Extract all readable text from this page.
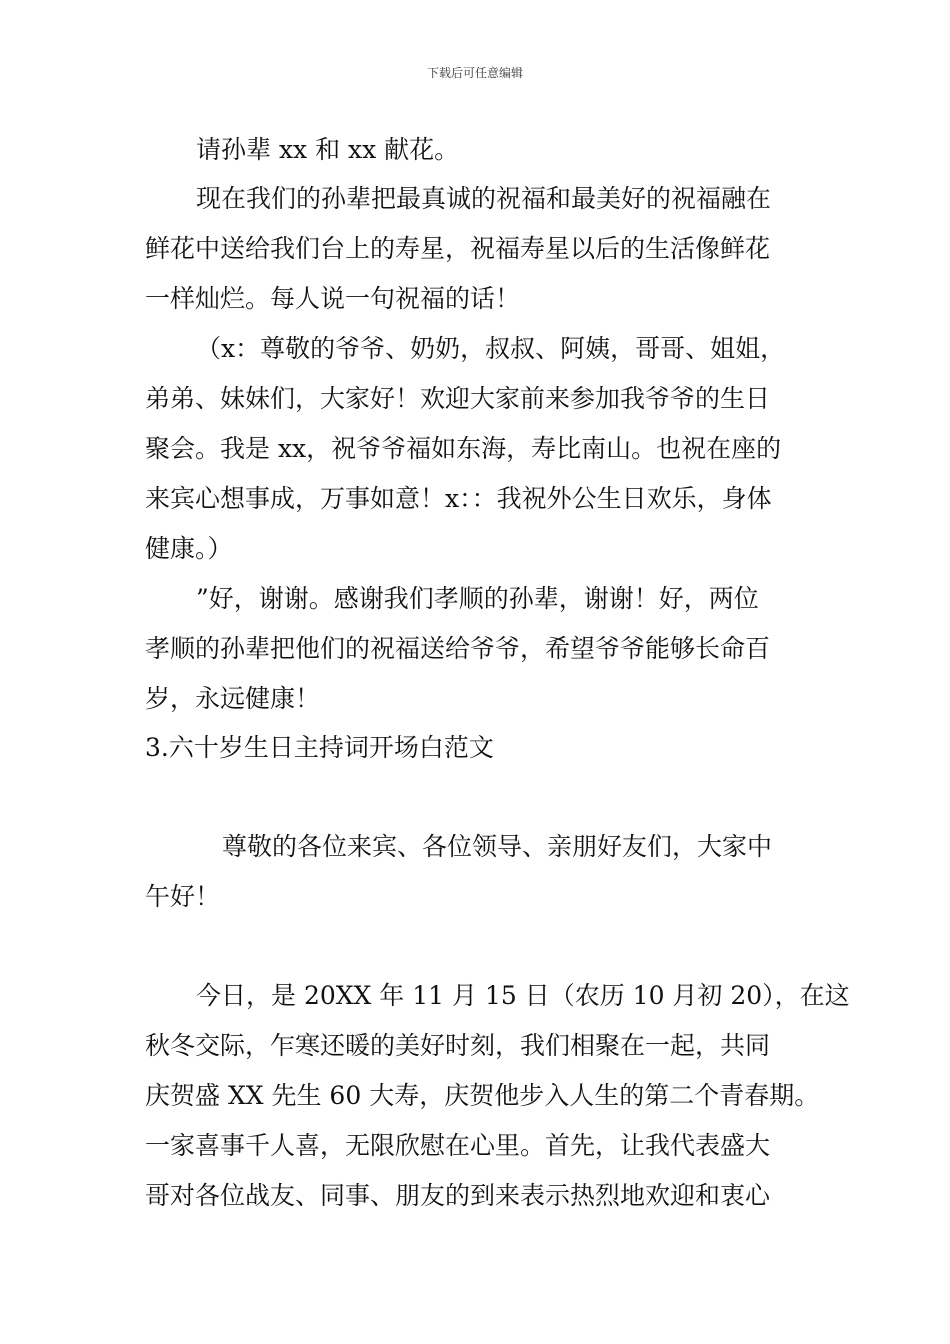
下载后可任意编辑
请孙辈 xx 和 xx 献花。
现在我们的孙辈把最真诚的祝福和最美好的祝福融在
鲜花中送给我们台上的寿星，祝福寿星以后的生活像鲜花
一样灿烂。每人说一句祝福的话！
（x：尊敬的爷爷、奶奶，叔叔、阿姨，哥哥、姐姐，
弟弟、妹妹们，大家好！欢迎大家前来参加我爷爷的生日
聚会。我是 xx，祝爷爷福如东海，寿比南山。也祝在座的
来宾心想事成，万事如意！x：：我祝外公生日欢乐，身体
健康。）
”好，谢谢。感谢我们孝顺的孙辈，谢谢！好，两位
孝顺的孙辈把他们的祝福送给爷爷，希望爷爷能够长命百
岁，永远健康！
3.六十岁生日主持词开场白范文
尊敬的各位来宾、各位领导、亲朋好友们，大家中
午好！
今日，是 20XX 年 11 月 15 日（农历 10 月初 20），在这
秋冬交际，乍寒还暖的美好时刻，我们相聚在一起，共同
庆贺盛 XX 先生 60 大寿，庆贺他步入人生的第二个青春期。
一家喜事千人喜，无限欣慰在心里。首先，让我代表盛大
哥对各位战友、同事、朋友的到来表示热烈地欢迎和衷心
